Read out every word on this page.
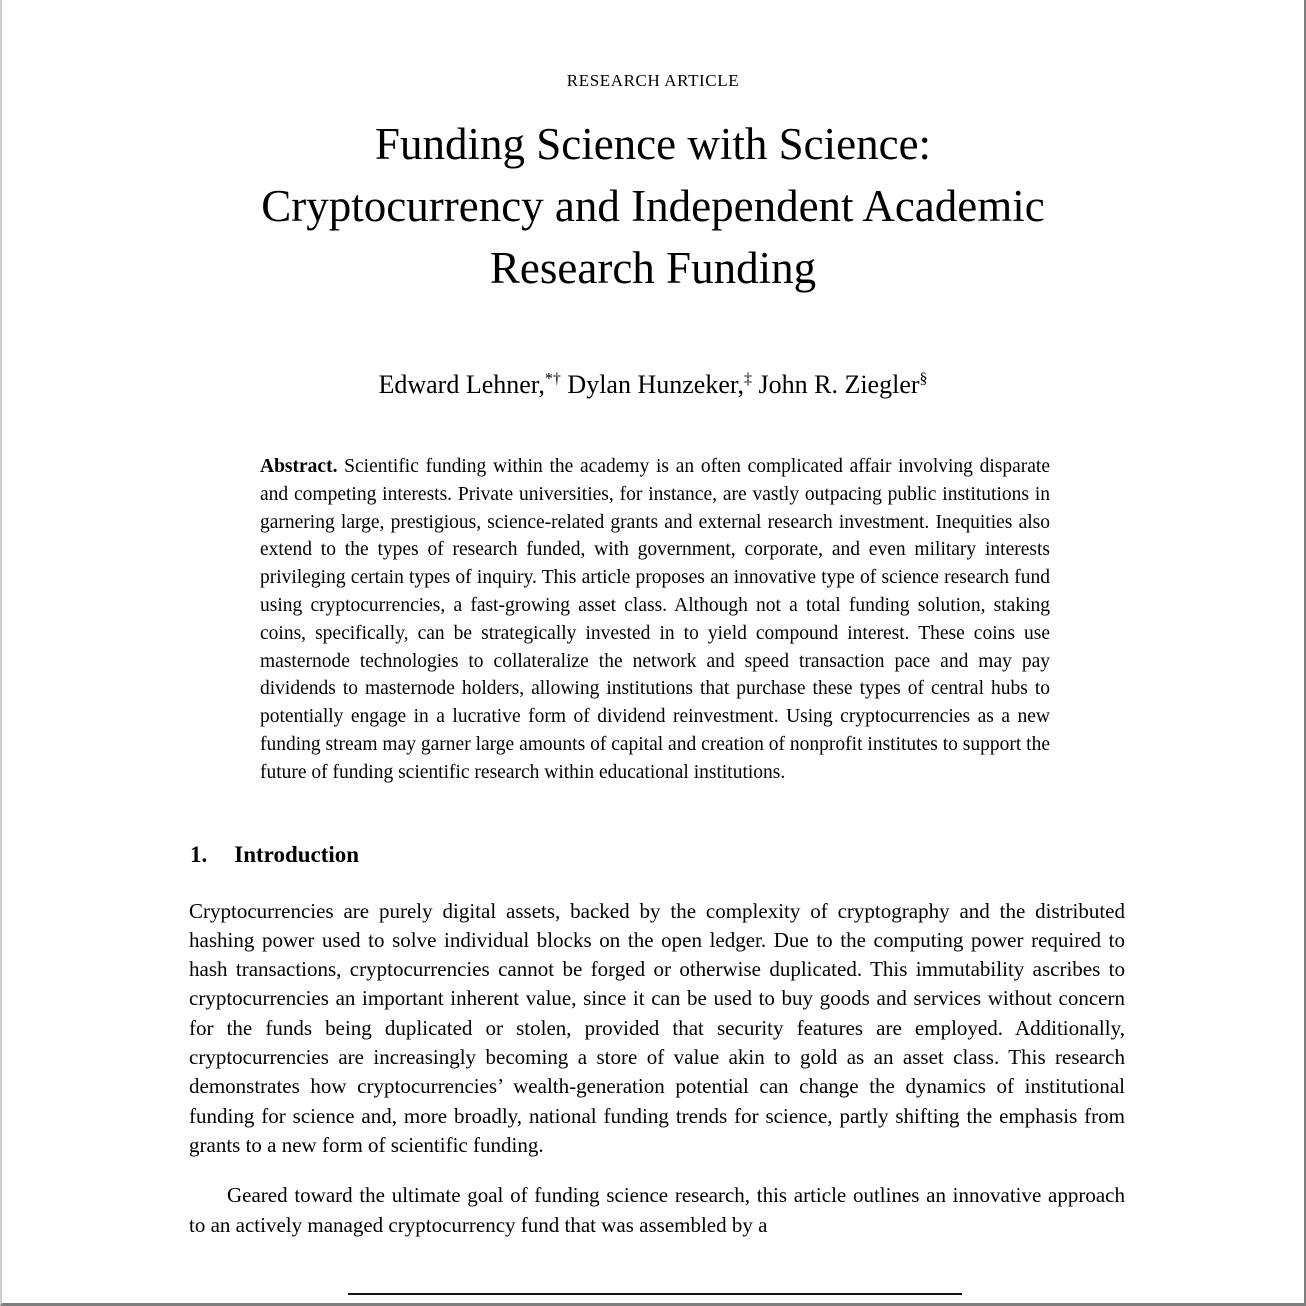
RESEARCH ARTICLE
Funding Science with Science:
Cryptocurrency and Independent Academic
Research Funding
Edward Lehner,*† Dylan Hunzeker,‡ John R. Ziegler§

Abstract. Scientific funding within the academy is an often complicated affair involving disparate and competing interests. Private universities, for instance, are vastly outpacing public institutions in garnering large, prestigious, science-related grants and external research investment. Inequities also extend to the types of research funded, with government, corporate, and even military interests privileging certain types of inquiry. This article proposes an innovative type of science research fund using cryptocurrencies, a fast-growing asset class. Although not a total funding solution, staking coins, specifically, can be strategically invested in to yield compound interest. These coins use masternode technologies to collateralize the network and speed transaction pace and may pay dividends to masternode holders, allowing institutions that purchase these types of central hubs to potentially engage in a lucrative form of dividend reinvestment. Using cryptocurrencies as a new funding stream may garner large amounts of capital and creation of nonprofit institutes to support the future of funding scientific research within educational institutions.

1. Introduction

Cryptocurrencies are purely digital assets, backed by the complexity of cryptography and the distributed hashing power used to solve individual blocks on the open ledger. Due to the computing power required to hash transactions, cryptocurrencies cannot be forged or otherwise duplicated. This immutability ascribes to cryptocurrencies an important inherent value, since it can be used to buy goods and services without concern for the funds being duplicated or stolen, provided that security features are employed. Additionally, cryptocurrencies are increasingly becoming a store of value akin to gold as an asset class. This research demonstrates how cryptocurrencies’ wealth-generation potential can change the dynamics of institutional funding for science and, more broadly, national funding trends for science, partly shifting the emphasis from grants to a new form of scientific funding.

Geared toward the ultimate goal of funding science research, this article outlines an innovative approach to an actively managed cryptocurrency fund that was assembled by a
